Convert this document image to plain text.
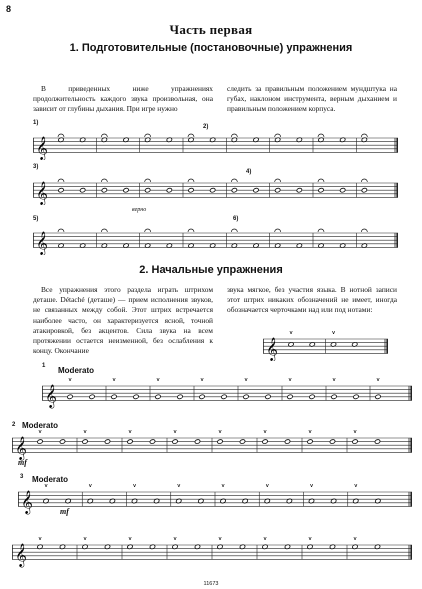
8
Часть первая
1. Подготовительные (постановочные) упражнения

В приведенных ниже упражнениях продолжительность каждого звука произвольная, она зависит от глубины дыхания. При игре нужно

следить за правильным положением мундштука на губах, наклоном инструмента, верным дыханием и правильным положением корпуса.

1)
2)
3)
4)
5)	6)
верно
2. Начальные упражнения

Все упражнения этого раздела играть штрихом деташе. Détaché (деташе) — прием исполнения звуков, не связанных между собой. Этот штрих встречается наиболее часто, он характеризуется ясной, точной атакировкой, без акцентов. Сила звука на всем протяжении остается неизменной, без ослабления к концу. Окончание

звука мягкое, без участия языка. В нотной записи этот штрих никаких обозначений не имеет, иногда обозначается черточками над или под нотами:

1 Moderato
2 Moderato
mf
3 Moderato
mf
11673
𝄞
𝄞
𝄞
𝄞
V	V
𝄞
V	V	V	V	V	V	V	V
𝄞
V	V	V	V	V	V	V	V
𝄞
V	V	V	V	V	V	V	V
𝄞
V	V	V	V	V	V	V	V
